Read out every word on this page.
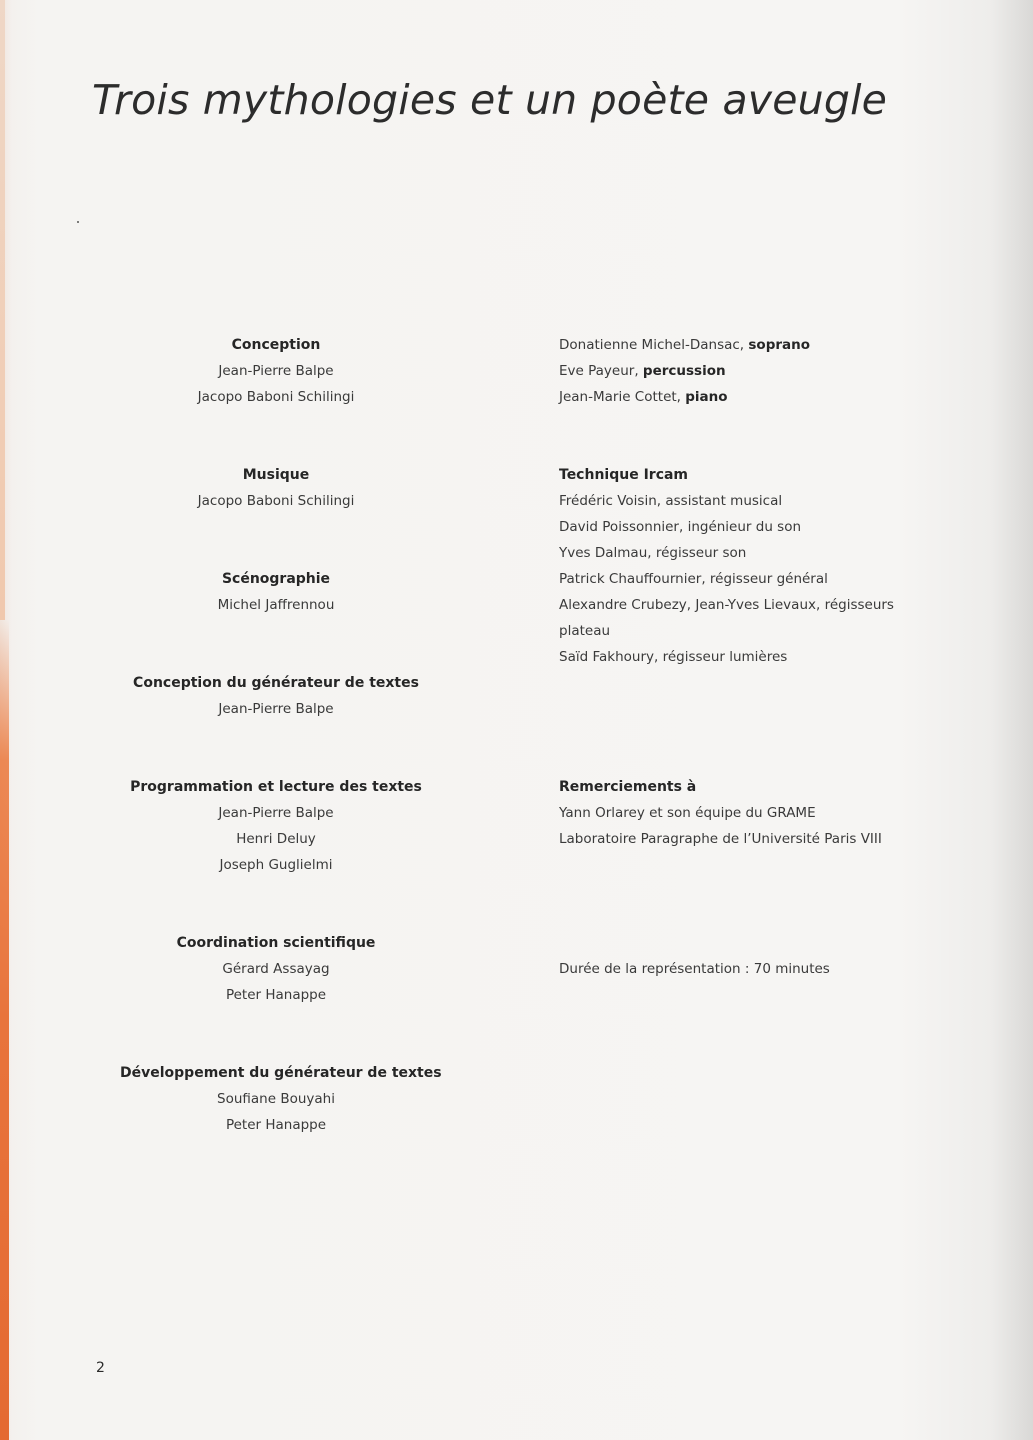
Trois mythologies et un poète aveugle
Conception
Jean-Pierre Balpe
Jacopo Baboni Schilingi
Musique
Jacopo Baboni Schilingi
Scénographie
Michel Jaffrennou
Conception du générateur de textes
Jean-Pierre Balpe
Programmation et lecture des textes
Jean-Pierre Balpe
Henri Deluy
Joseph Guglielmi
Coordination scientifique
Gérard Assayag
Peter Hanappe
Développement du générateur de textes
Soufiane Bouyahi
Peter Hanappe
Donatienne Michel-Dansac, soprano
Eve Payeur, percussion
Jean-Marie Cottet, piano
Technique Ircam
Frédéric Voisin, assistant musical
David Poissonnier, ingénieur du son
Yves Dalmau, régisseur son
Patrick Chauffournier, régisseur général
Alexandre Crubezy, Jean-Yves Lievaux, régisseurs plateau
Saïd Fakhoury, régisseur lumières
Remerciements à
Yann Orlarey et son équipe du GRAME
Laboratoire Paragraphe de l’Université Paris VIII
Durée de la représentation : 70 minutes
2
